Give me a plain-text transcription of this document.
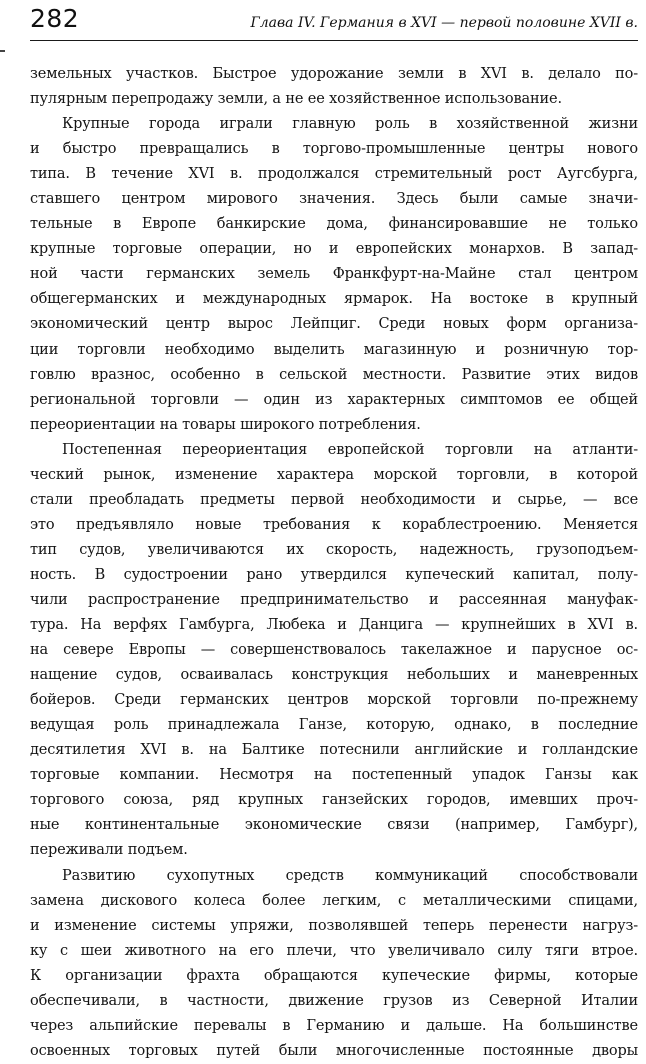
282	Глава IV. Германия в XVI — первой половине XVII в.
земельных участков. Быстрое удорожание земли в XVI в. делало по-
пулярным перепродажу земли, а не ее хозяйственное использование.
Крупные города играли главную роль в хозяйственной жизни
и быстро превращались в торгово-промышленные центры нового
типа. В течение XVI в. продолжался стремительный рост Аугсбурга,
ставшего центром мирового значения. Здесь были самые значи-
тельные в Европе банкирские дома, финансировавшие не только
крупные торговые операции, но и европейских монархов. В запад-
ной части германских земель Франкфурт-на-Майне стал центром
общегерманских и международных ярмарок. На востоке в крупный
экономический центр вырос Лейпциг. Среди новых форм организа-
ции торговли необходимо выделить магазинную и розничную тор-
говлю вразнос, особенно в сельской местности. Развитие этих видов
региональной торговли — один из характерных симптомов ее общей
переориентации на товары широкого потребления.
Постепенная переориентация европейской торговли на атланти-
ческий рынок, изменение характера морской торговли, в которой
стали преобладать предметы первой необходимости и сырье, — все
это предъявляло новые требования к кораблестроению. Меняется
тип судов, увеличиваются их скорость, надежность, грузоподъем-
ность. В судостроении рано утвердился купеческий капитал, полу-
чили распространение предпринимательство и рассеянная мануфак-
тура. На верфях Гамбурга, Любека и Данцига — крупнейших в XVI в.
на севере Европы — совершенствовалось такелажное и парусное ос-
нащение судов, осваивалась конструкция небольших и маневренных
бойеров. Среди германских центров морской торговли по-прежнему
ведущая роль принадлежала Ганзе, которую, однако, в последние
десятилетия XVI в. на Балтике потеснили английские и голландские
торговые компании. Несмотря на постепенный упадок Ганзы как
торгового союза, ряд крупных ганзейских городов, имевших проч-
ные континентальные экономические связи (например, Гамбург),
переживали подъем.
Развитию сухопутных средств коммуникаций способствовали
замена дискового колеса более легким, с металлическими спицами,
и изменение системы упряжи, позволявшей теперь перенести нагруз-
ку с шеи животного на его плечи, что увеличивало силу тяги втрое.
К организации фрахта обращаются купеческие фирмы, которые
обеспечивали, в частности, движение грузов из Северной Италии
через альпийские перевалы в Германию и дальше. На большинстве
освоенных торговых путей были многочисленные постоянные дворы
